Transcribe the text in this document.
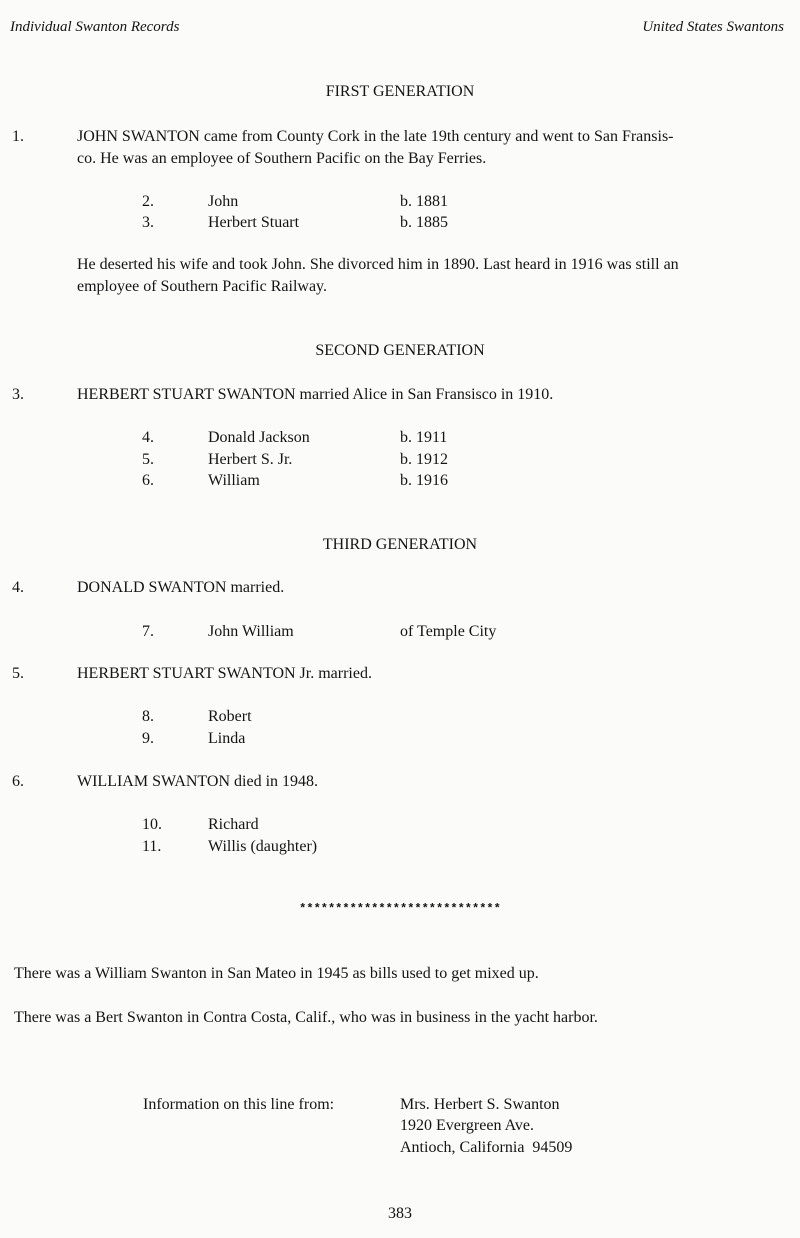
Individual Swanton Records	United States Swantons
FIRST GENERATION
1.	JOHN SWANTON came from County Cork in the late 19th century and went to San Fransis-
co. He was an employee of Southern Pacific on the Bay Ferries.
2.	John	b. 1881
3.	Herbert Stuart	b. 1885
He deserted his wife and took John. She divorced him in 1890. Last heard in 1916 was still an
employee of Southern Pacific Railway.
SECOND GENERATION
3.	HERBERT STUART SWANTON married Alice in San Fransisco in 1910.
4.	Donald Jackson	b. 1911
5.	Herbert S. Jr.	b. 1912
6.	William	b. 1916
THIRD GENERATION
4.	DONALD SWANTON married.
7.	John William	of Temple City
5.	HERBERT STUART SWANTON Jr. married.
8.	Robert
9.	Linda
6.	WILLIAM SWANTON died in 1948.
10.	Richard
11.	Willis (daughter)
****************************
There was a William Swanton in San Mateo in 1945 as bills used to get mixed up.
There was a Bert Swanton in Contra Costa, Calif., who was in business in the yacht harbor.
Information on this line from:	Mrs. Herbert S. Swanton
1920 Evergreen Ave.
Antioch, California  94509
383
